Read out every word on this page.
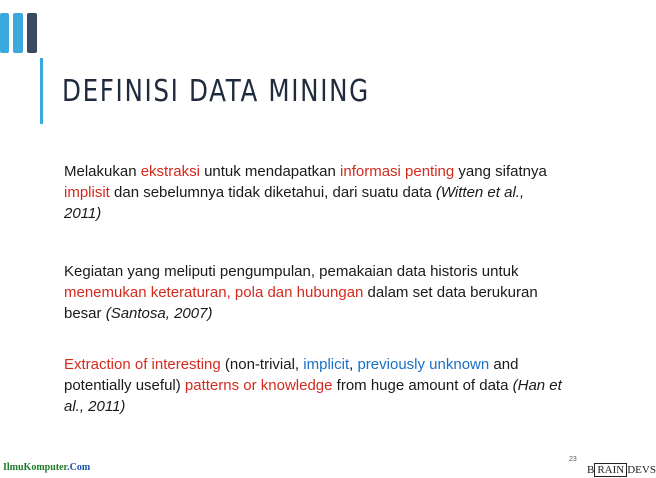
DEFINISI DATA MINING
Melakukan ekstraksi untuk mendapatkan informasi penting yang sifatnya implisit dan sebelumnya tidak diketahui, dari suatu data (Witten et al., 2011)
Kegiatan yang meliputi pengumpulan, pemakaian data historis untuk menemukan keteraturan, pola dan hubungan dalam set data berukuran besar (Santosa, 2007)
Extraction of interesting (non-trivial, implicit, previously unknown and potentially useful) patterns or knowledge from huge amount of data (Han et al., 2011)
23
IlmuKomputer.Com	B RAIN DEVS
